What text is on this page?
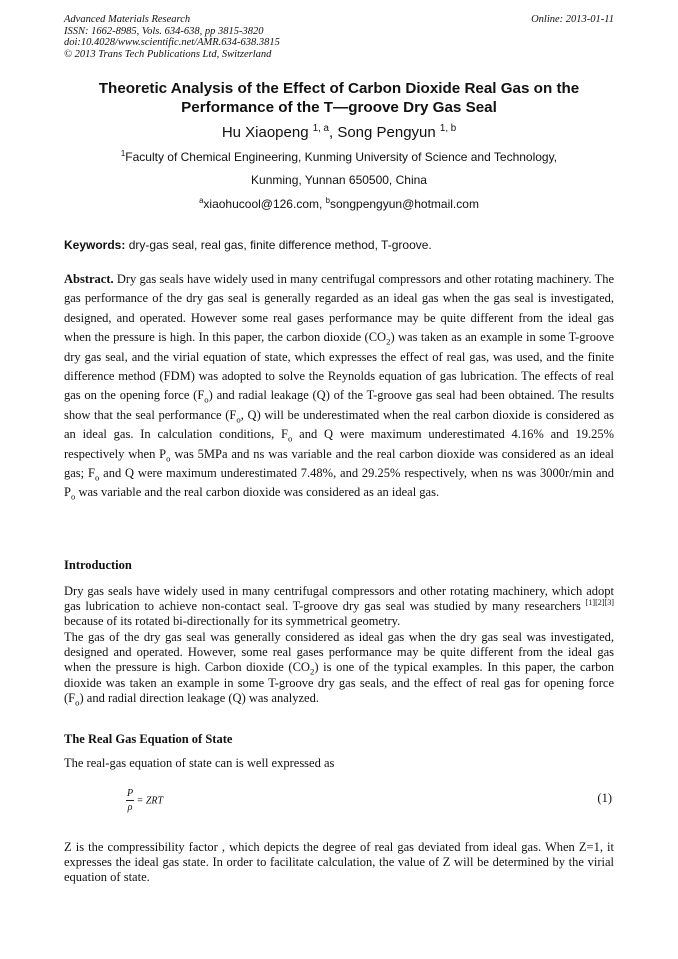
Advanced Materials Research
ISSN: 1662-8985, Vols. 634-638, pp 3815-3820
doi:10.4028/www.scientific.net/AMR.634-638.3815
© 2013 Trans Tech Publications Ltd, Switzerland
Online: 2013-01-11
Theoretic Analysis of the Effect of Carbon Dioxide Real Gas on the
Performance of the T—groove Dry Gas Seal
Hu Xiaopeng $^{1, a}$, Song Pengyun $^{1, b}$
$^1$Faculty of Chemical Engineering, Kunming University of Science and Technology,
Kunming, Yunnan 650500, China
$^a$xiaohucool@126.com, $^b$songpengyun@hotmail.com
Keywords: dry-gas seal, real gas, finite difference method, T-groove.
Abstract. Dry gas seals have widely used in many centrifugal compressors and other rotating machinery. The gas performance of the dry gas seal is generally regarded as an ideal gas when the gas seal is investigated, designed, and operated. However some real gases performance may be quite different from the ideal gas when the pressure is high. In this paper, the carbon dioxide $(CO_2)$ was taken as an example in some T-groove dry gas seal, and the virial equation of state, which expresses the effect of real gas, was used, and the finite difference method (FDM) was adopted to solve the Reynolds equation of gas lubrication. The effects of real gas on the opening force $(F_o)$ and radial leakage (Q) of the T-groove gas seal had been obtained. The results show that the seal performance ($F_o$, Q) will be underestimated when the real carbon dioxide is considered as an ideal gas. In calculation conditions, $F_o$ and Q were maximum underestimated 4.16% and 19.25% respectively when $P_o$ was 5MPa and ns was variable and the real carbon dioxide was considered as an ideal gas; $F_o$ and Q were maximum underestimated 7.48%, and 29.25% respectively, when ns was 3000r/min and $P_o$ was variable and the real carbon dioxide was considered as an ideal gas.
Introduction
Dry gas seals have widely used in many centrifugal compressors and other rotating machinery, which adopt gas lubrication to achieve non-contact seal. T-groove dry gas seal was studied by many researchers [1][2][3] because of its rotated bi-directionally for its symmetrical geometry.
The gas of the dry gas seal was generally considered as ideal gas when the dry gas seal was investigated, designed and operated. However, some real gases performance may be quite different from the ideal gas when the pressure is high. Carbon dioxide $(CO_2)$ is one of the typical examples. In this paper, the carbon dioxide was taken an example in some T-groove dry gas seals, and the effect of real gas for opening force $(F_o)$ and radial direction leakage (Q) was analyzed.
The Real Gas Equation of State
The real-gas equation of state can is well expressed as
$\frac{P}{\rho}$ = ZRT	(1)
Z is the compressibility factor , which depicts the degree of real gas deviated from ideal gas. When Z=1, it expresses the ideal gas state. In order to facilitate calculation, the value of Z will be determined by the virial equation of state.
